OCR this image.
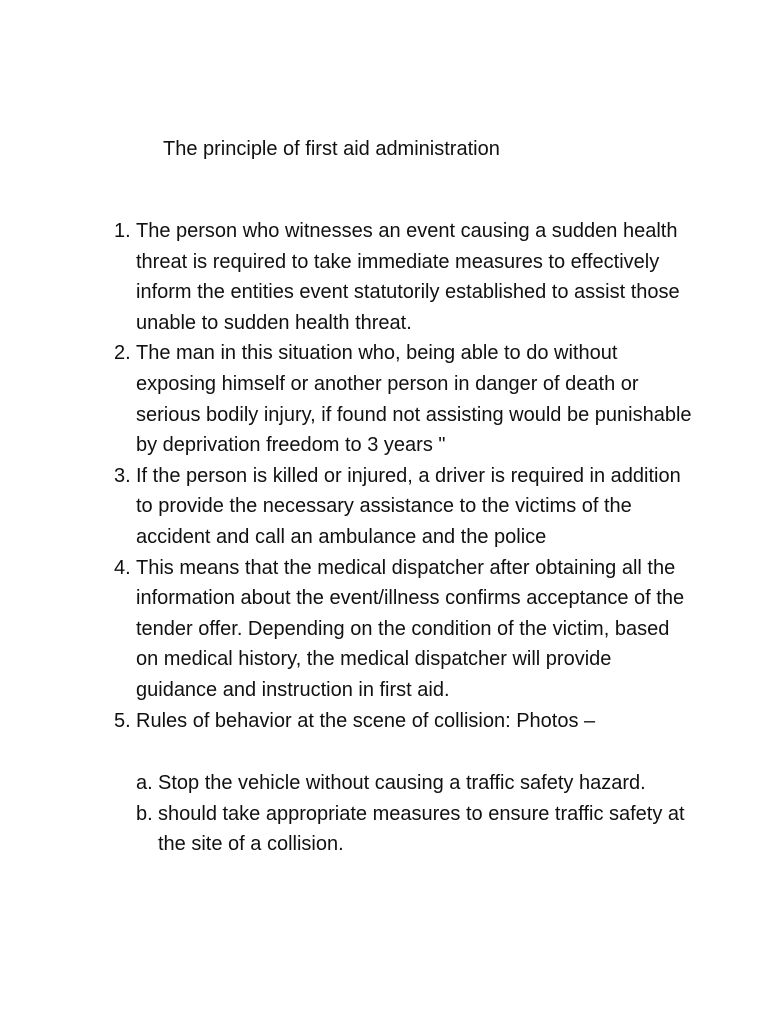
The principle of first aid administration
1. The person who witnesses an event causing a sudden health threat is required to take immediate measures to effectively inform the entities event statutorily established to assist those unable to sudden health threat.
2. The man in this situation who, being able to do without exposing himself or another person in danger of death or serious bodily injury, if found not assisting would be punishable by deprivation freedom to 3 years "
3. If the person is killed or injured, a driver is required in addition to provide the necessary assistance to the victims of the accident and call an ambulance and the police
4. This means that the medical dispatcher after obtaining all the information about the event/illness confirms acceptance of the tender offer. Depending on the condition of the victim, based on medical history, the medical dispatcher will provide guidance and instruction in first aid.
5. Rules of behavior at the scene of collision: Photos –
a. Stop the vehicle without causing a traffic safety hazard.
b. should take appropriate measures to ensure traffic safety at the site of a collision.
